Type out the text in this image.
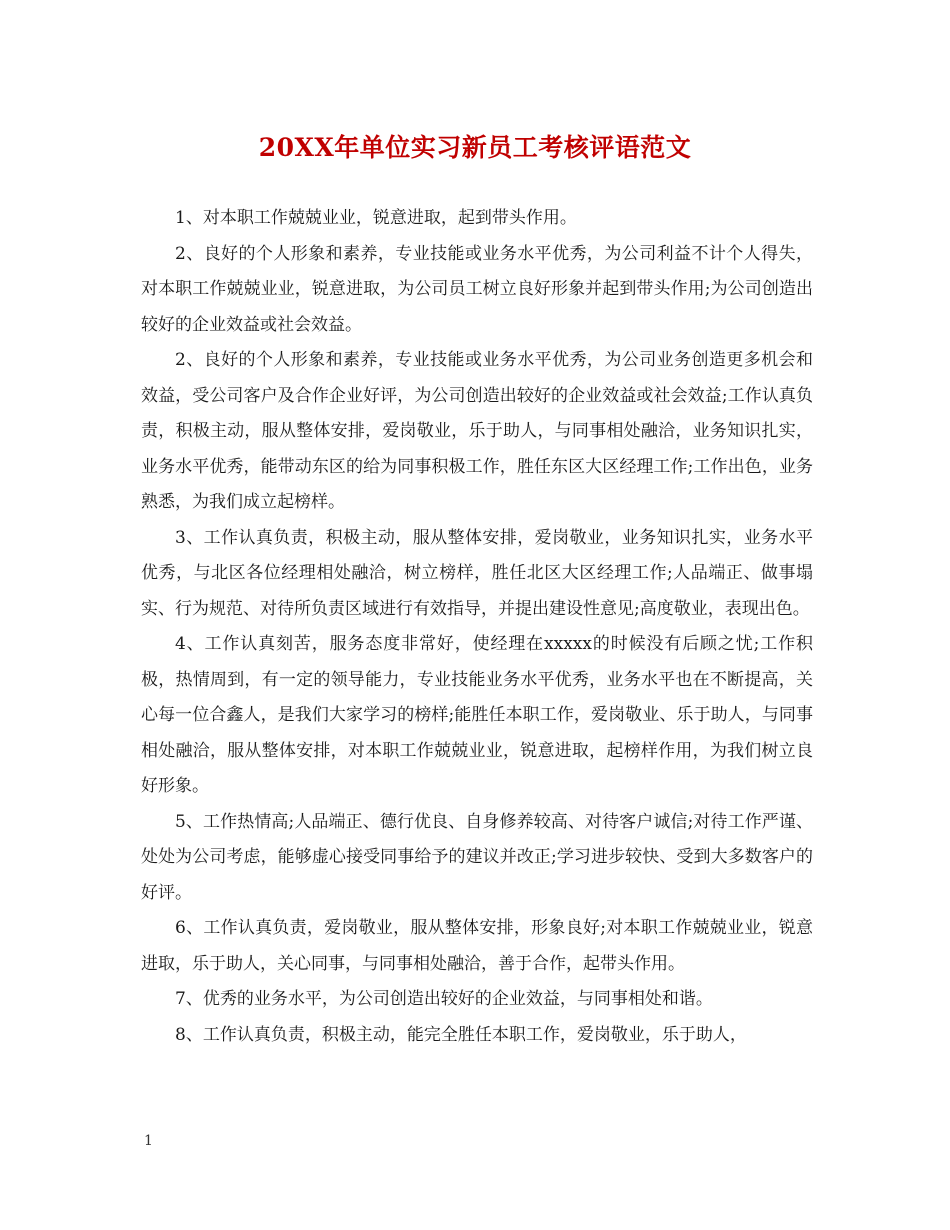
20XX年单位实习新员工考核评语范文

1、对本职工作兢兢业业，锐意进取，起到带头作用。

2、良好的个人形象和素养，专业技能或业务水平优秀，为公司利益不计个人得失，对本职工作兢兢业业，锐意进取，为公司员工树立良好形象并起到带头作用;为公司创造出较好的企业效益或社会效益。

2、良好的个人形象和素养，专业技能或业务水平优秀，为公司业务创造更多机会和效益，受公司客户及合作企业好评，为公司创造出较好的企业效益或社会效益;工作认真负责，积极主动，服从整体安排，爱岗敬业，乐于助人，与同事相处融洽，业务知识扎实，业务水平优秀，能带动东区的给为同事积极工作，胜任东区大区经理工作;工作出色，业务熟悉，为我们成立起榜样。

3、工作认真负责，积极主动，服从整体安排，爱岗敬业，业务知识扎实，业务水平优秀，与北区各位经理相处融洽，树立榜样，胜任北区大区经理工作;人品端正、做事塌实、行为规范、对待所负责区域进行有效指导，并提出建设性意见;高度敬业，表现出色。

4、工作认真刻苦，服务态度非常好，使经理在xxxxx的时候没有后顾之忧;工作积极，热情周到，有一定的领导能力，专业技能业务水平优秀，业务水平也在不断提高，关心每一位合鑫人，是我们大家学习的榜样;能胜任本职工作，爱岗敬业、乐于助人，与同事相处融洽，服从整体安排，对本职工作兢兢业业，锐意进取，起榜样作用，为我们树立良好形象。

5、工作热情高;人品端正、德行优良、自身修养较高、对待客户诚信;对待工作严谨、处处为公司考虑，能够虚心接受同事给予的建议并改正;学习进步较快、受到大多数客户的好评。

6、工作认真负责，爱岗敬业，服从整体安排，形象良好;对本职工作兢兢业业，锐意进取，乐于助人，关心同事，与同事相处融洽，善于合作，起带头作用。

7、优秀的业务水平，为公司创造出较好的企业效益，与同事相处和谐。

8、工作认真负责，积极主动，能完全胜任本职工作，爱岗敬业，乐于助人，

1
